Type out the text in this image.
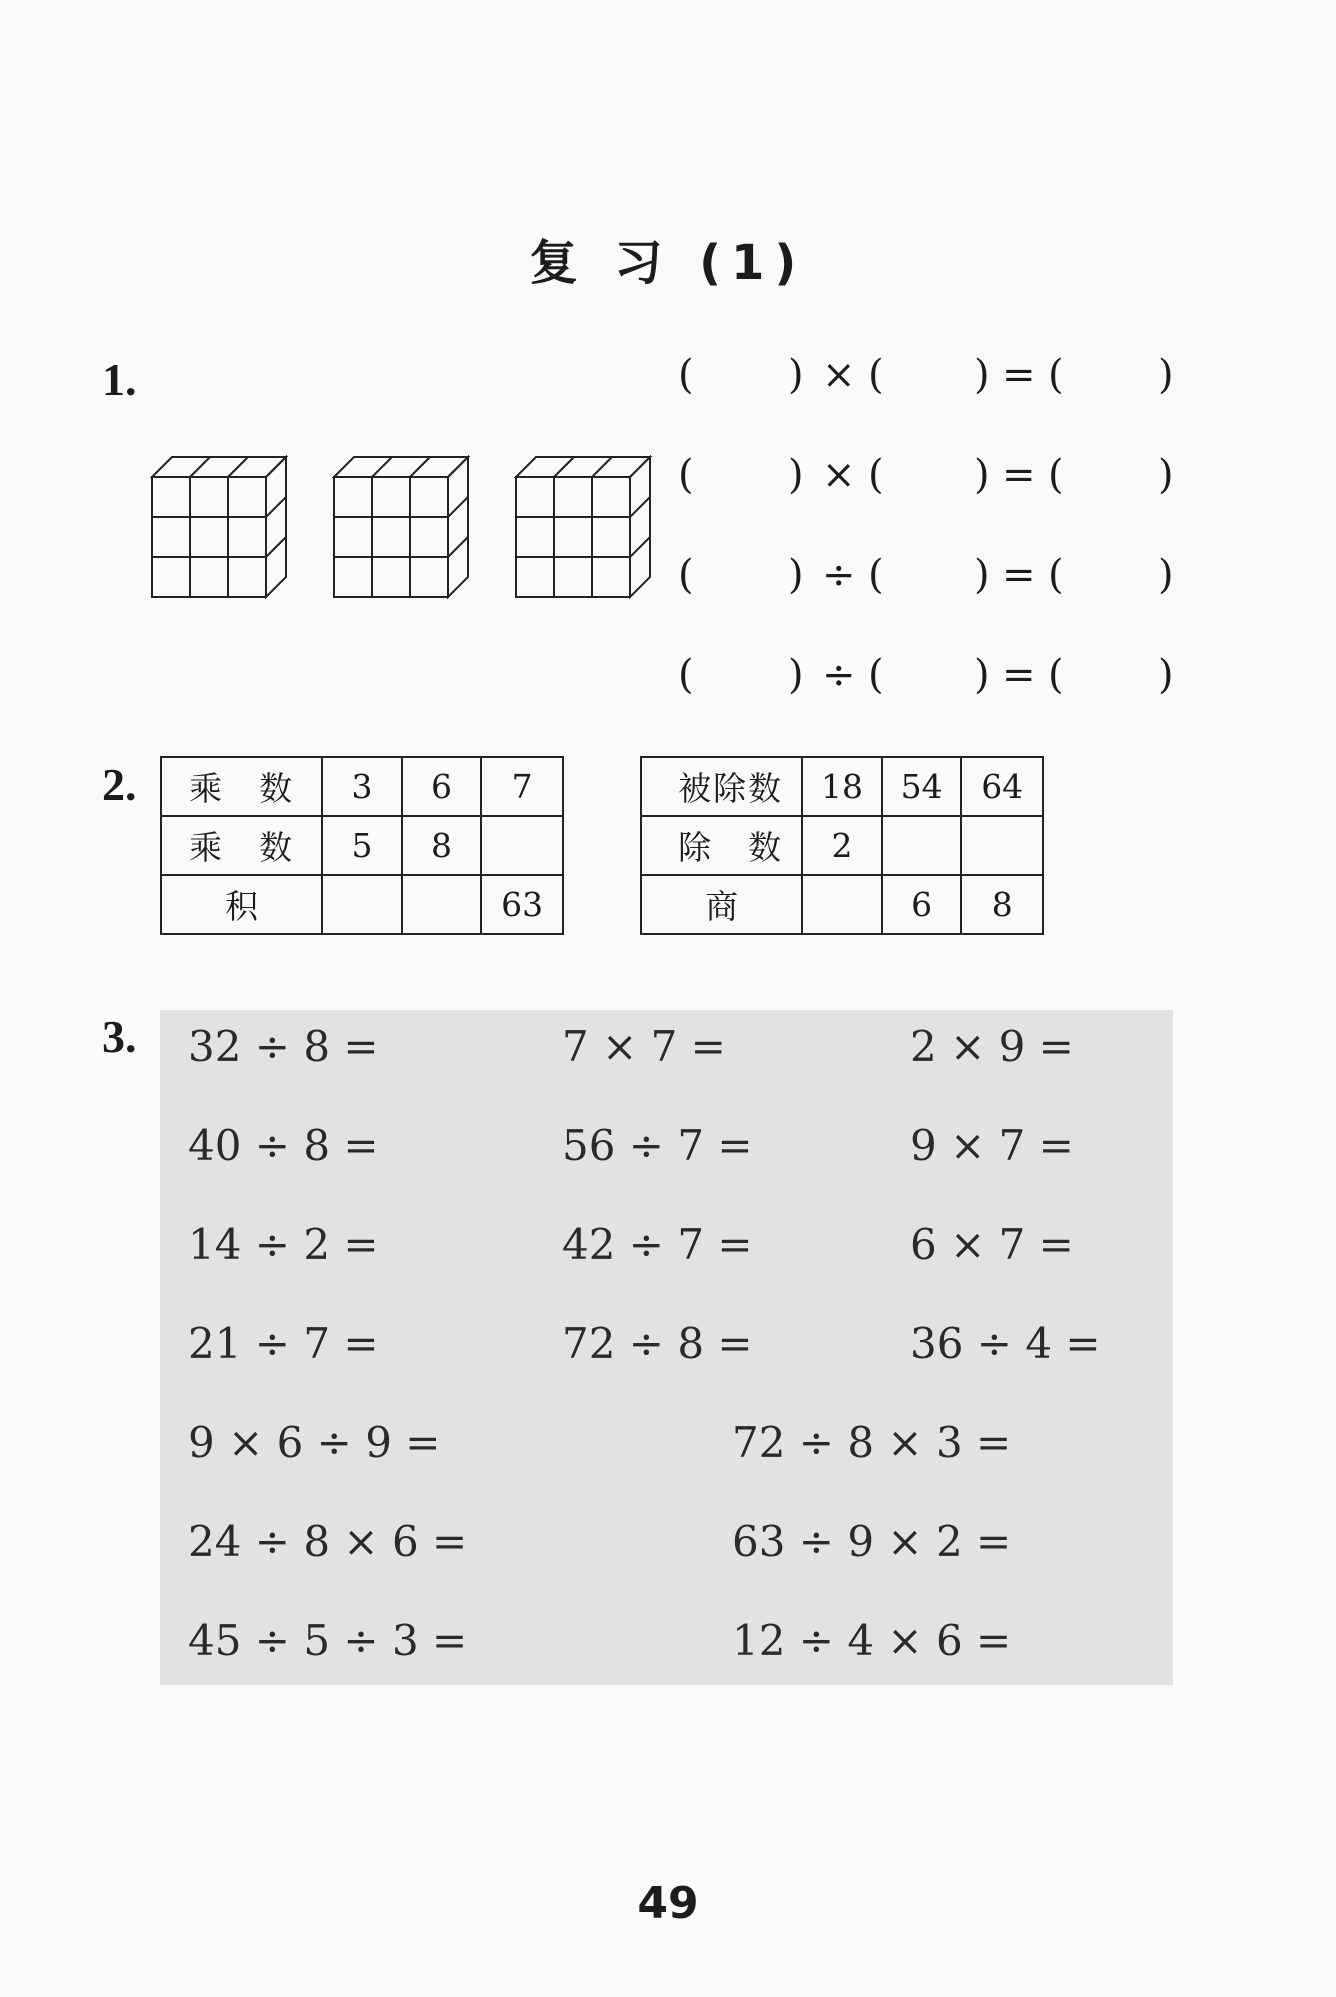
复 习 (1)
1.	(
) × ( ) = ( )
( ) × ( ) = ( )
( ) ÷ ( ) = ( )
( ) ÷ ( ) = ( )
2. 乘　数	3	6	7
乘　数	5	8	
积			63
被除数	18	54	64
除　数	2		
商		6	8
3. 32 ÷ 8 =	7 × 7 =	2 × 9 =
40 ÷ 8 =	56 ÷ 7 =	9 × 7 =
14 ÷ 2 =	42 ÷ 7 =	6 × 7 =
21 ÷ 7 =	72 ÷ 8 =	36 ÷ 4 =
9 × 6 ÷ 9 =	72 ÷ 8 × 3 =
24 ÷ 8 × 6 =	63 ÷ 9 × 2 =
45 ÷ 5 ÷ 3 =	12 ÷ 4 × 6 =
49
